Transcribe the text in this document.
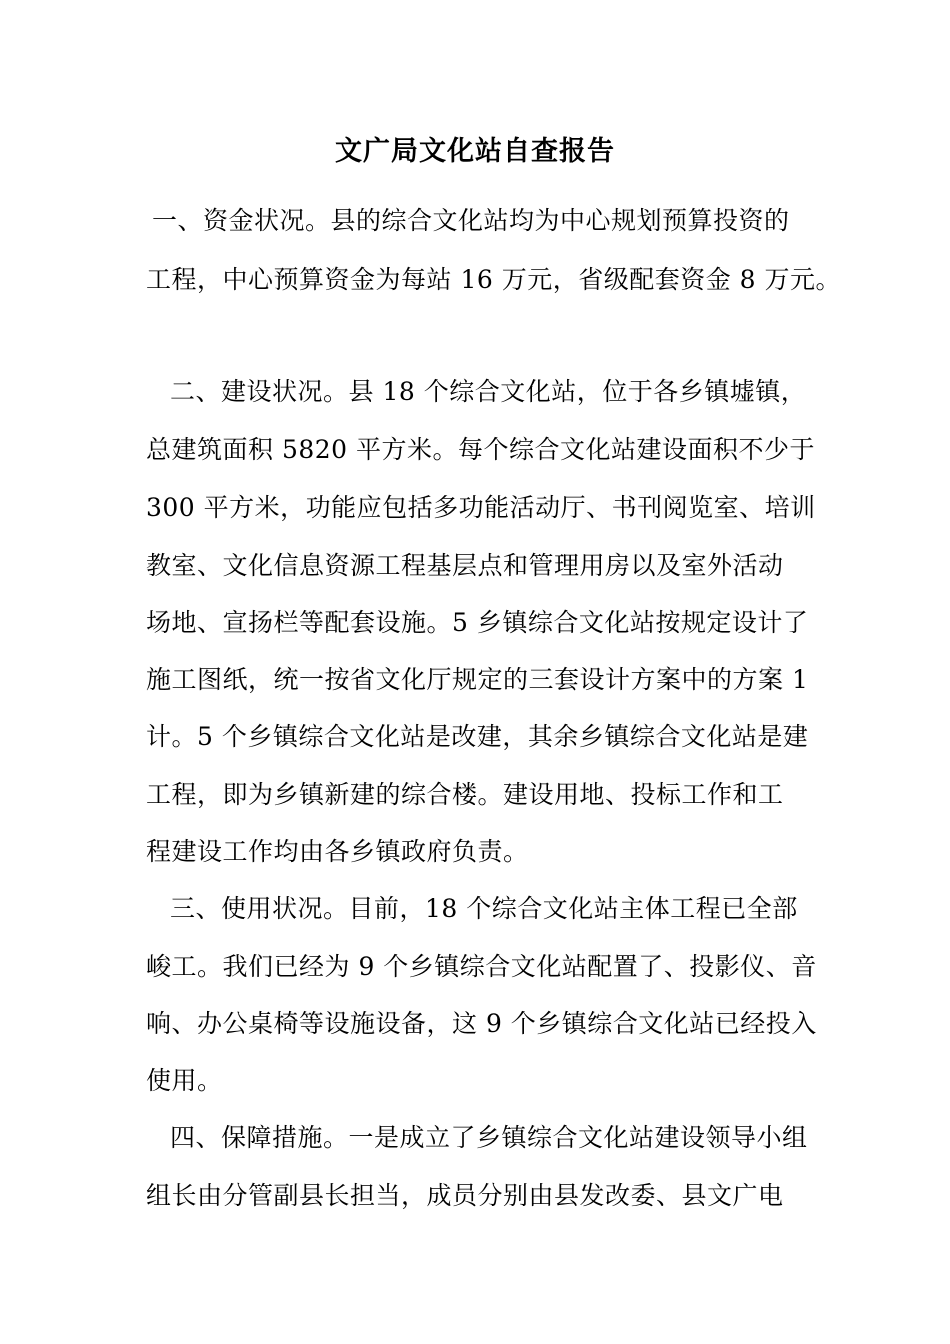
文广局文化站自查报告
一、资金状况。县的综合文化站均为中心规划预算投资的
工程，中心预算资金为每站 16 万元，省级配套资金 8 万元。
二、建设状况。县 18 个综合文化站，位于各乡镇墟镇，
总建筑面积 5820 平方米。每个综合文化站建设面积不少于
300 平方米，功能应包括多功能活动厅、书刊阅览室、培训
教室、文化信息资源工程基层点和管理用房以及室外活动
场地、宣扬栏等配套设施。5 乡镇综合文化站按规定设计了
施工图纸，统一按省文化厅规定的三套设计方案中的方案 1
计。5 个乡镇综合文化站是改建，其余乡镇综合文化站是建
工程，即为乡镇新建的综合楼。建设用地、投标工作和工
程建设工作均由各乡镇政府负责。
三、使用状况。目前，18 个综合文化站主体工程已全部
峻工。我们已经为 9 个乡镇综合文化站配置了、投影仪、音
响、办公桌椅等设施设备，这 9 个乡镇综合文化站已经投入
使用。
四、保障措施。一是成立了乡镇综合文化站建设领导小组
组长由分管副县长担当，成员分别由县发改委、县文广电
